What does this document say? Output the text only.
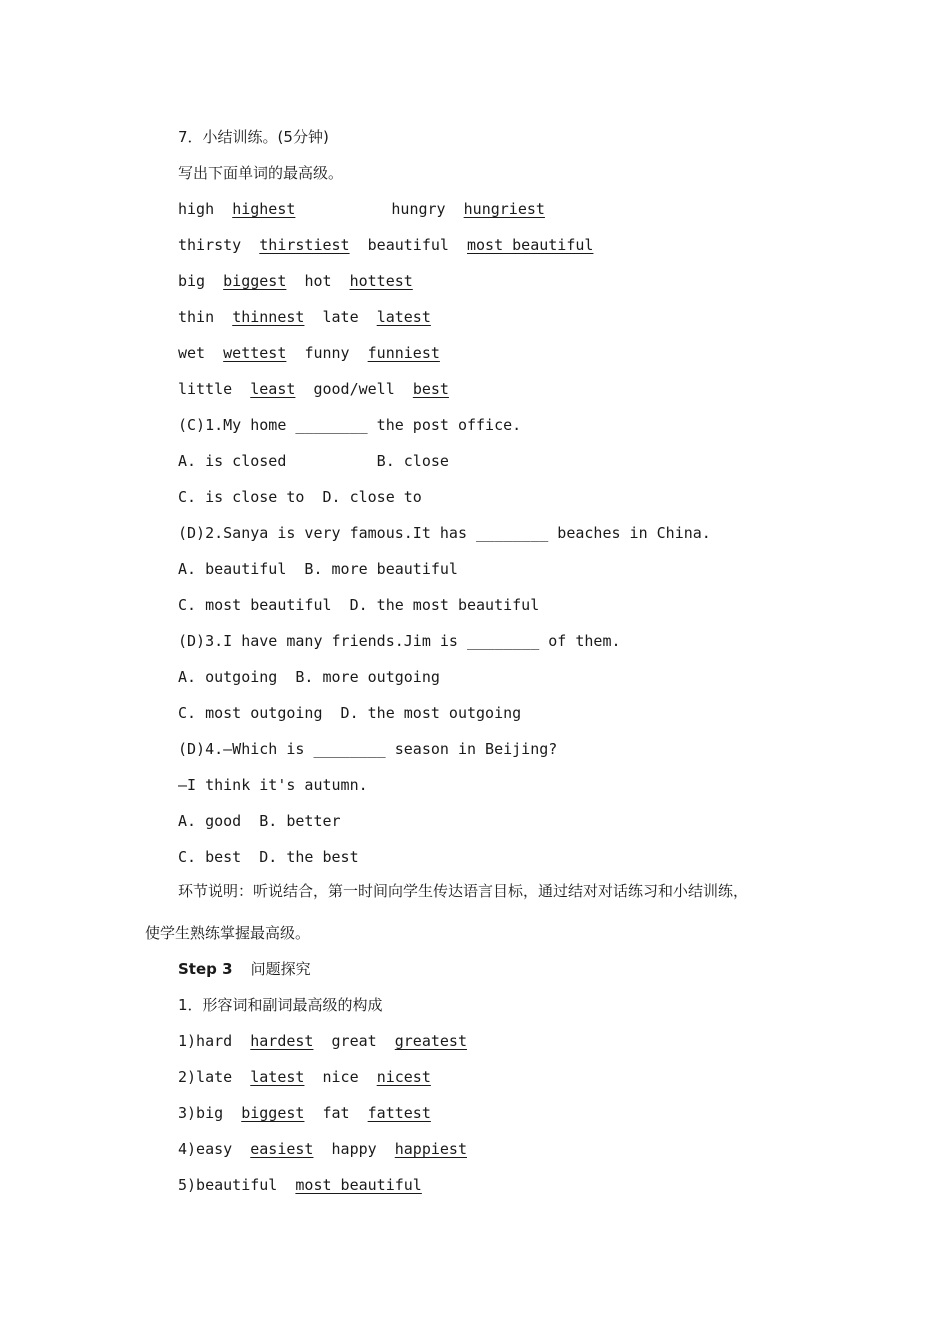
7．小结训练。(5分钟)
写出下面单词的最高级。
high highest	hungry hungriest
thirsty thirstiest beautiful most beautiful
big biggest hot hottest
thin thinnest late latest
wet wettest funny funniest
little least good/well best
(C)1.My home ________ the post office.
A. is closed          B. close
C. is close to  D. close to
(D)2.Sanya is very famous.It has ________ beaches in China.
A. beautiful  B. more beautiful
C. most beautiful  D. the most beautiful
(D)3.I have many friends.Jim is ________ of them.
A. outgoing  B. more outgoing
C. most outgoing  D. the most outgoing
(D)4.—Which is ________ season in Beijing?
—I think it's autumn.
A. good  B. better
C. best  D. the best
环节说明：听说结合，第一时间向学生传达语言目标，通过结对对话练习和小结训练，
使学生熟练掌握最高级。
Step 3 问题探究
1．形容词和副词最高级的构成
1)hard hardest great greatest
2)late latest nice nicest
3)big biggest fat fattest
4)easy easiest happy happiest
5)beautiful most beautiful
